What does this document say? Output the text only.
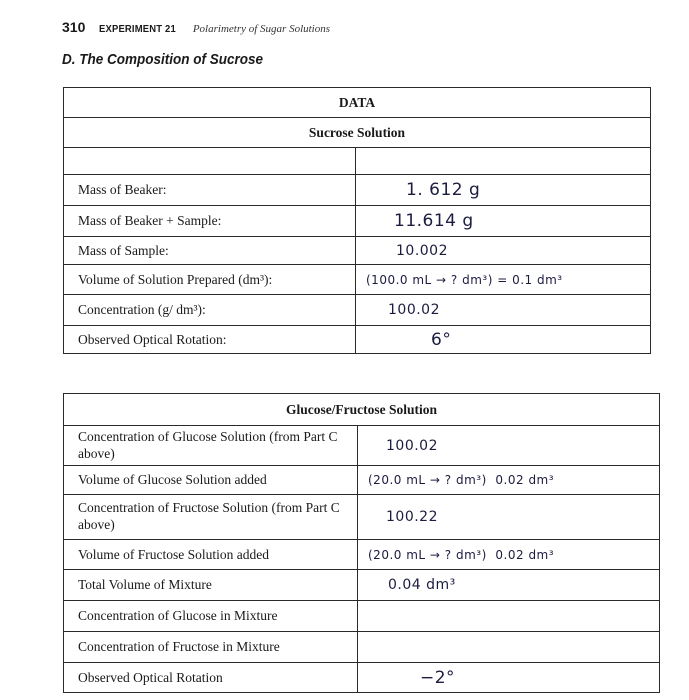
310 EXPERIMENT 21 Polarimetry of Sugar Solutions
D. The Composition of Sucrose
DATA	
Sucrose Solution	

Mass of Beaker:	1. 612 g
Mass of Beaker + Sample:	11.614 g
Mass of Sample:	10.002
Volume of Solution Prepared (dm³):	(100.0 mL → ? dm³) = 0.1 dm³
Concentration (g/ dm³):	100.02
Observed Optical Rotation:	6°
Glucose/Fructose Solution	
Concentration of Glucose Solution (from Part C above)	100.02
Volume of Glucose Solution added	(20.0 mL → ? dm³) 0.02 dm³
Concentration of Fructose Solution (from Part C above)	100.22
Volume of Fructose Solution added	(20.0 mL → ? dm³) 0.02 dm³
Total Volume of Mixture	0.04 dm³
Concentration of Glucose in Mixture	
Concentration of Fructose in Mixture	
Observed Optical Rotation	−2°
